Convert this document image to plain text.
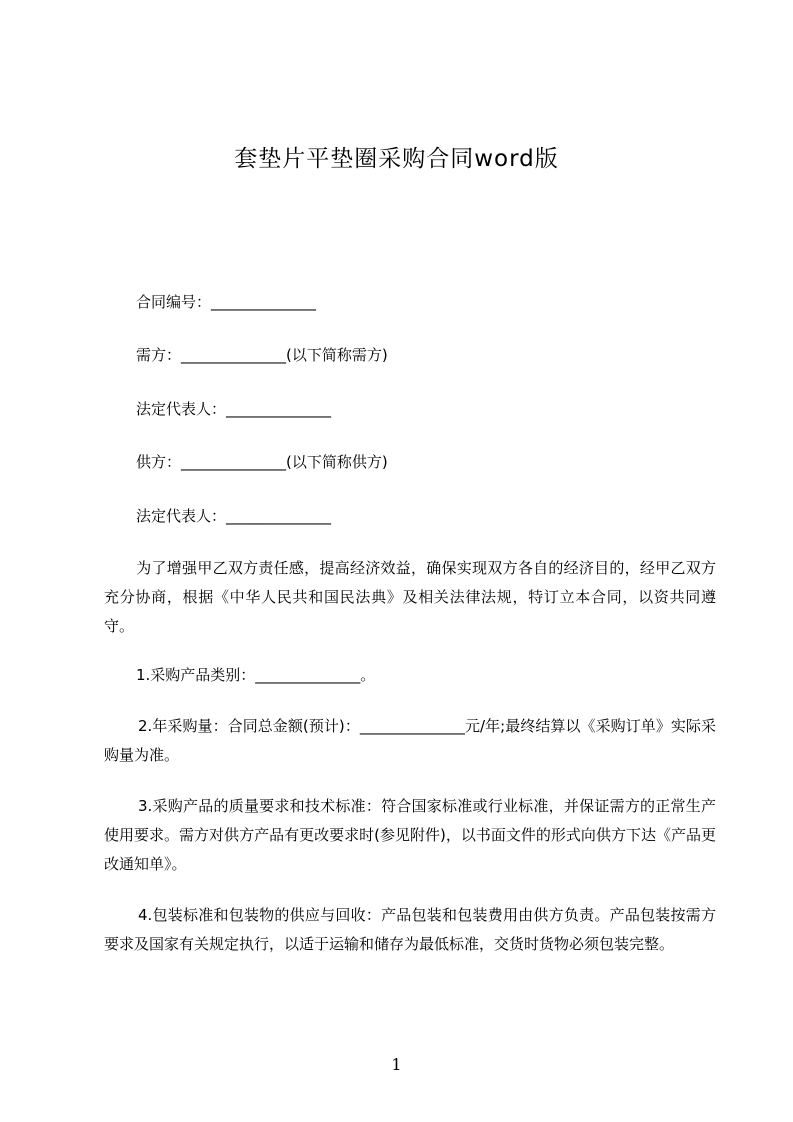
套垫片平垫圈采购合同word版
合同编号：______________
需方：______________(以下简称需方)
法定代表人：______________
供方：______________(以下简称供方)
法定代表人：______________
为了增强甲乙双方责任感，提高经济效益，确保实现双方各自的经济目的，经甲乙双方充分协商，根据《中华人民共和国民法典》及相关法律法规，特订立本合同，以资共同遵守。
1.采购产品类别：______________。
2.年采购量：合同总金额(预计)：______________元/年;最终结算以《采购订单》实际采购量为准。
3.采购产品的质量要求和技术标准：符合国家标准或行业标准，并保证需方的正常生产使用要求。需方对供方产品有更改要求时(参见附件)，以书面文件的形式向供方下达《产品更改通知单》。
4.包装标准和包装物的供应与回收：产品包装和包装费用由供方负责。产品包装按需方要求及国家有关规定执行，以适于运输和储存为最低标准，交货时货物必须包装完整。
1
